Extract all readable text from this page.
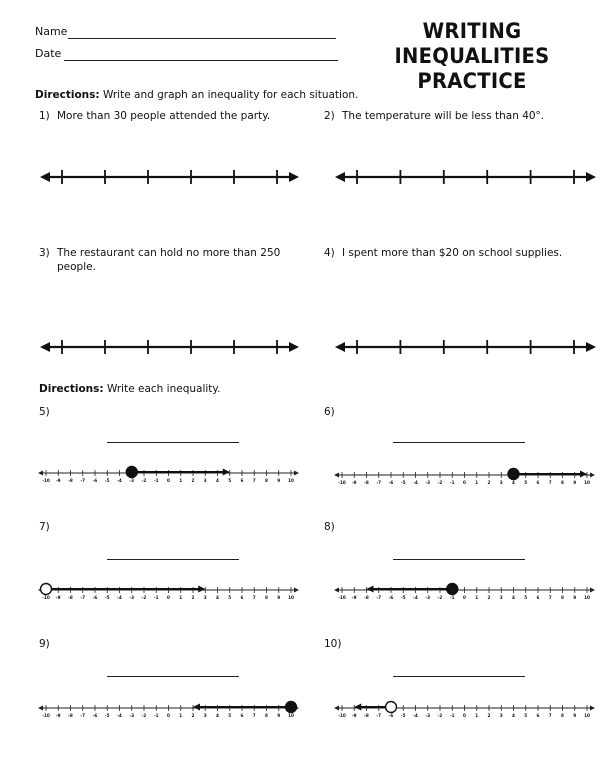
Name
Date
WRITING INEQUALITIES
PRACTICE
Directions: Write and graph an inequality for each situation.
1) More than 30 people attended the party.	2) The temperature will be less than 40°.
3) The restaurant can hold no more than 250
people.
4) I spent more than $20 on school supplies.
Directions: Write each inequality.
5)	6)
7)	8)
9)	10)
-10 -9 -8 -7 -6 -5 -4 -3 -2 -1 0 1 2 3 4 5 6 7 8 9 10	-10 -9 -8 -7 -6 -5 -4 -3 -2 -1 0 1 2 3 4 5 6 7 8 9 10
-10 -9 -8 -7 -6 -5 -4 -3 -2 -1 0 1 2 3 4 5 6 7 8 9 10	-10 -9 -8 -7 -6 -5 -4 -3 -2 -1 0 1 2 3 4 5 6 7 8 9 10
-10 -9 -8 -7 -6 -5 -4 -3 -2 -1 0 1 2 3 4 5 6 7 8 9 10	-10 -9 -8 -7 -6 -5 -4 -3 -2 -1 0 1 2 3 4 5 6 7 8 9 10
